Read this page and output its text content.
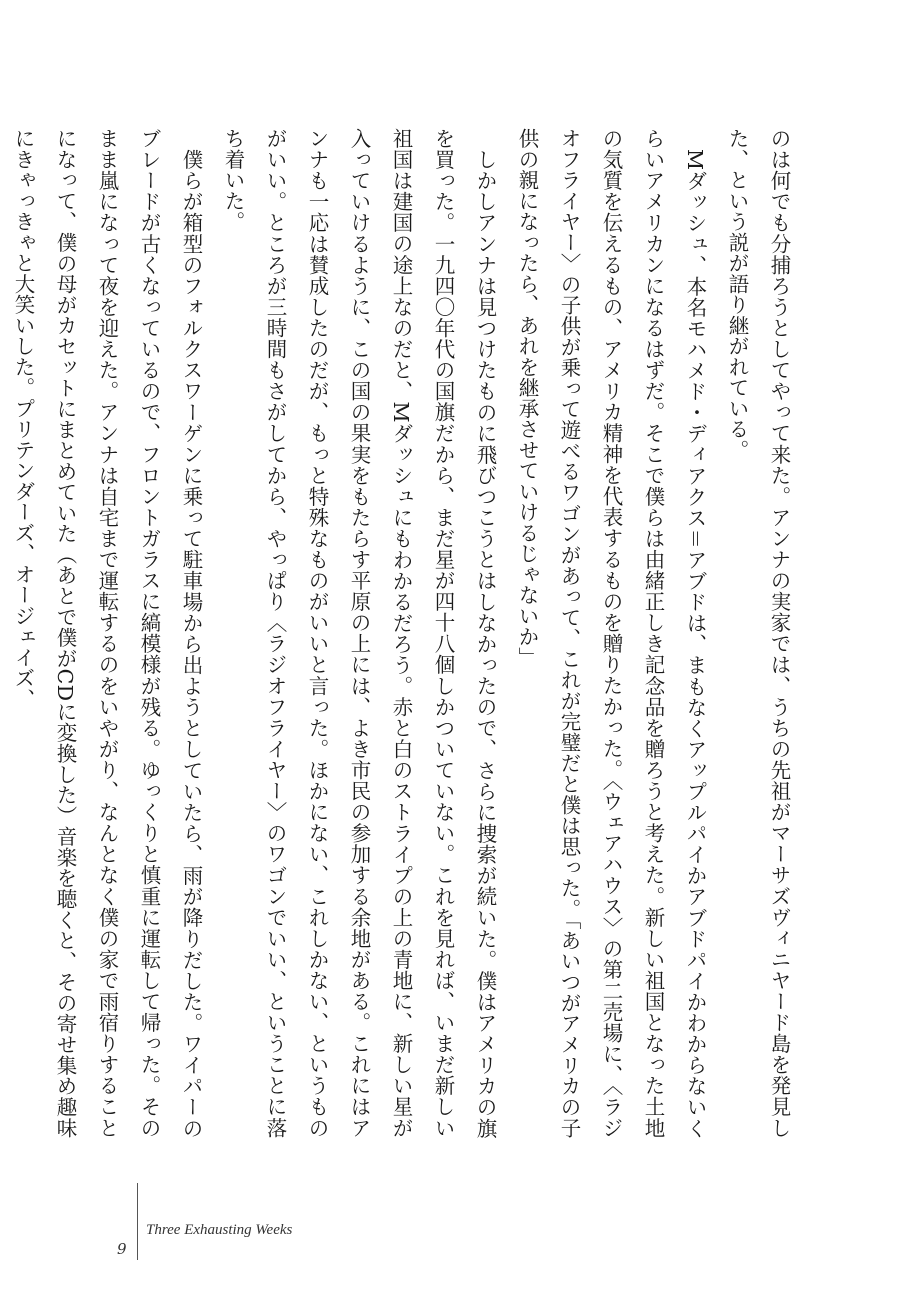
のは何でも分捕ろうとしてやって来た。アンナの実家では、うちの先祖がマーサズヴィニヤード島を発見した、という説が語り継がれている。

Mダッシュ、本名モハメド・ディアクス＝アブドは、まもなくアップルパイかアブドパイかわからないくらいアメリカンになるはずだ。そこで僕らは由緒正しき記念品を贈ろうと考えた。新しい祖国となった土地の気質を伝えるもの、アメリカ精神を代表するものを贈りたかった。〈ウェアハウス〉の第二売場に、〈ラジオフライヤー〉の子供が乗って遊べるワゴンがあって、これが完璧だと僕は思った。「あいつがアメリカの子供の親になったら、あれを継承させていけるじゃないか」

しかしアンナは見つけたものに飛びつこうとはしなかったので、さらに捜索が続いた。僕はアメリカの旗を買った。一九四〇年代の国旗だから、まだ星が四十八個しかついていない。これを見れば、いまだ新しい祖国は建国の途上なのだと、Mダッシュにもわかるだろう。赤と白のストライプの上の青地に、新しい星が入っていけるように、この国の果実をもたらす平原の上には、よき市民の参加する余地がある。これにはアンナも一応は賛成したのだが、もっと特殊なものがいいと言った。ほかにない、これしかない、というものがいい。ところが三時間もさがしてから、やっぱり〈ラジオフライヤー〉のワゴンでいい、ということに落ち着いた。

僕らが箱型のフォルクスワーゲンに乗って駐車場から出ようとしていたら、雨が降りだした。ワイパーのブレードが古くなっているので、フロントガラスに縞模様が残る。ゆっくりと慎重に運転して帰った。そのまま嵐になって夜を迎えた。アンナは自宅まで運転するのをいやがり、なんとなく僕の家で雨宿りすることになって、僕の母がカセットにまとめていた（あとで僕がCDに変換した）音楽を聴くと、その寄せ集め趣味にきゃっきゃと大笑いした。プリテンダーズ、オージェイズ、

9
Three Exhausting Weeks
